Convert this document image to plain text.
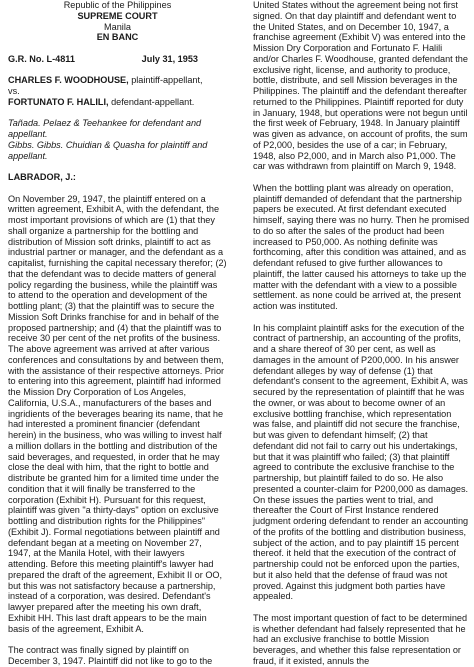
Republic of the Philippines

SUPREME COURT

Manila

EN BANC

G.R. No. L-4811	July 31, 1953

CHARLES F. WOODHOUSE, plaintiff-appellant,

vs.

FORTUNATO F. HALILI, defendant-appellant.

Tañada. Pelaez & Teehankee for defendant and appellant.

Gibbs. Gibbs. Chuidian & Quasha for plaintiff and appellant.

LABRADOR, J.:

On November 29, 1947, the plaintiff entered on a written agreement, Exhibit A, with the defendant, the most important provisions of which are (1) that they shall organize a partnership for the bottling and distribution of Mission soft drinks, plaintiff to act as industrial partner or manager, and the defendant as a capitalist, furnishing the capital necessary therefor; (2) that the defendant was to decide matters of general policy regarding the business, while the plaintiff was to attend to the operation and development of the bottling plant; (3) that the plaintiff was to secure the Mission Soft Drinks franchise for and in behalf of the proposed partnership; and (4) that the plaintiff was to receive 30 per cent of the net profits of the business. The above agreement was arrived at after various conferences and consultations by and between them, with the assistance of their respective attorneys. Prior to entering into this agreement, plaintiff had informed the Mission Dry Corporation of Los Angeles, California, U.S.A., manufacturers of the bases and ingridients of the beverages bearing its name, that he had interested a prominent financier (defendant herein) in the business, who was willing to invest half a million dollars in the bottling and distribution of the said beverages, and requested, in order that he may close the deal with him, that the right to bottle and distribute be granted him for a limited time under the condition that it will finally be transferred to the corporation (Exhibit H). Pursuant for this request, plaintiff was given "a thirty-days" option on exclusive bottling and distribution rights for the Philippines" (Exhibit J). Formal negotiations between plaintiff and defendant began at a meeting on November 27, 1947, at the Manila Hotel, with their lawyers attending. Before this meeting plaintiff's lawyer had prepared the draft of the agreement, Exhibit II or OO, but this was not satisfactory because a partnership, instead of a corporation, was desired. Defendant's lawyer prepared after the meeting his own draft, Exhibit HH. This last draft appears to be the main basis of the agreement, Exhibit A.

The contract was finally signed by plaintiff on December 3, 1947. Plaintiff did not like to go to the

United States without the agreement being not first signed. On that day plaintiff and defendant went to the United States, and on December 10, 1947, a franchise agreement (Exhibit V) was entered into the Mission Dry Corporation and Fortunato F. Halili and/or Charles F. Woodhouse, granted defendant the exclusive right, license, and authority to produce, bottle, distribute, and sell Mission beverages in the Philippines. The plaintiff and the defendant thereafter returned to the Philippines. Plaintiff reported for duty in January, 1948, but operations were not begun until the first week of February, 1948. In January plaintiff was given as advance, on account of profits, the sum of P2,000, besides the use of a car; in February, 1948, also P2,000, and in March also P1,000. The car was withdrawn from plaintiff on March 9, 1948.

When the bottling plant was already on operation, plaintiff demanded of defendant that the partnership papers be executed. At first defendant executed himself, saying there was no hurry. Then he promised to do so after the sales of the product had been increased to P50,000. As nothing definite was forthcoming, after this condition was attained, and as defendant refused to give further allowances to plaintiff, the latter caused his attorneys to take up the matter with the defendant with a view to a possible settlement. as none could be arrived at, the present action was instituted.

In his complaint plaintiff asks for the execution of the contract of partnership, an accounting of the profits, and a share thereof of 30 per cent, as well as damages in the amount of P200,000. In his answer defendant alleges by way of defense (1) that defendant's consent to the agreement, Exhibit A, was secured by the representation of plaintiff that he was the owner, or was about to become owner of an exclusive bottling franchise, which representation was false, and plaintiff did not secure the franchise, but was given to defendant himself; (2) that defendant did not fail to carry out his undertakings, but that it was plaintiff who failed; (3) that plaintiff agreed to contribute the exclusive franchise to the partnership, but plaintiff failed to do so. He also presented a counter-claim for P200,000 as damages. On these issues the parties went to trial, and thereafter the Court of First Instance rendered judgment ordering defendant to render an accounting of the profits of the bottling and distribution business, subject of the action, and to pay plaintiff 15 percent thereof. it held that the execution of the contract of partnership could not be enforced upon the parties, but it also held that the defense of fraud was not proved. Against this judgment both parties have appealed.

The most important question of fact to be determined is whether defendant had falsely represented that he had an exclusive franchise to bottle Mission beverages, and whether this false representation or fraud, if it existed, annuls the
